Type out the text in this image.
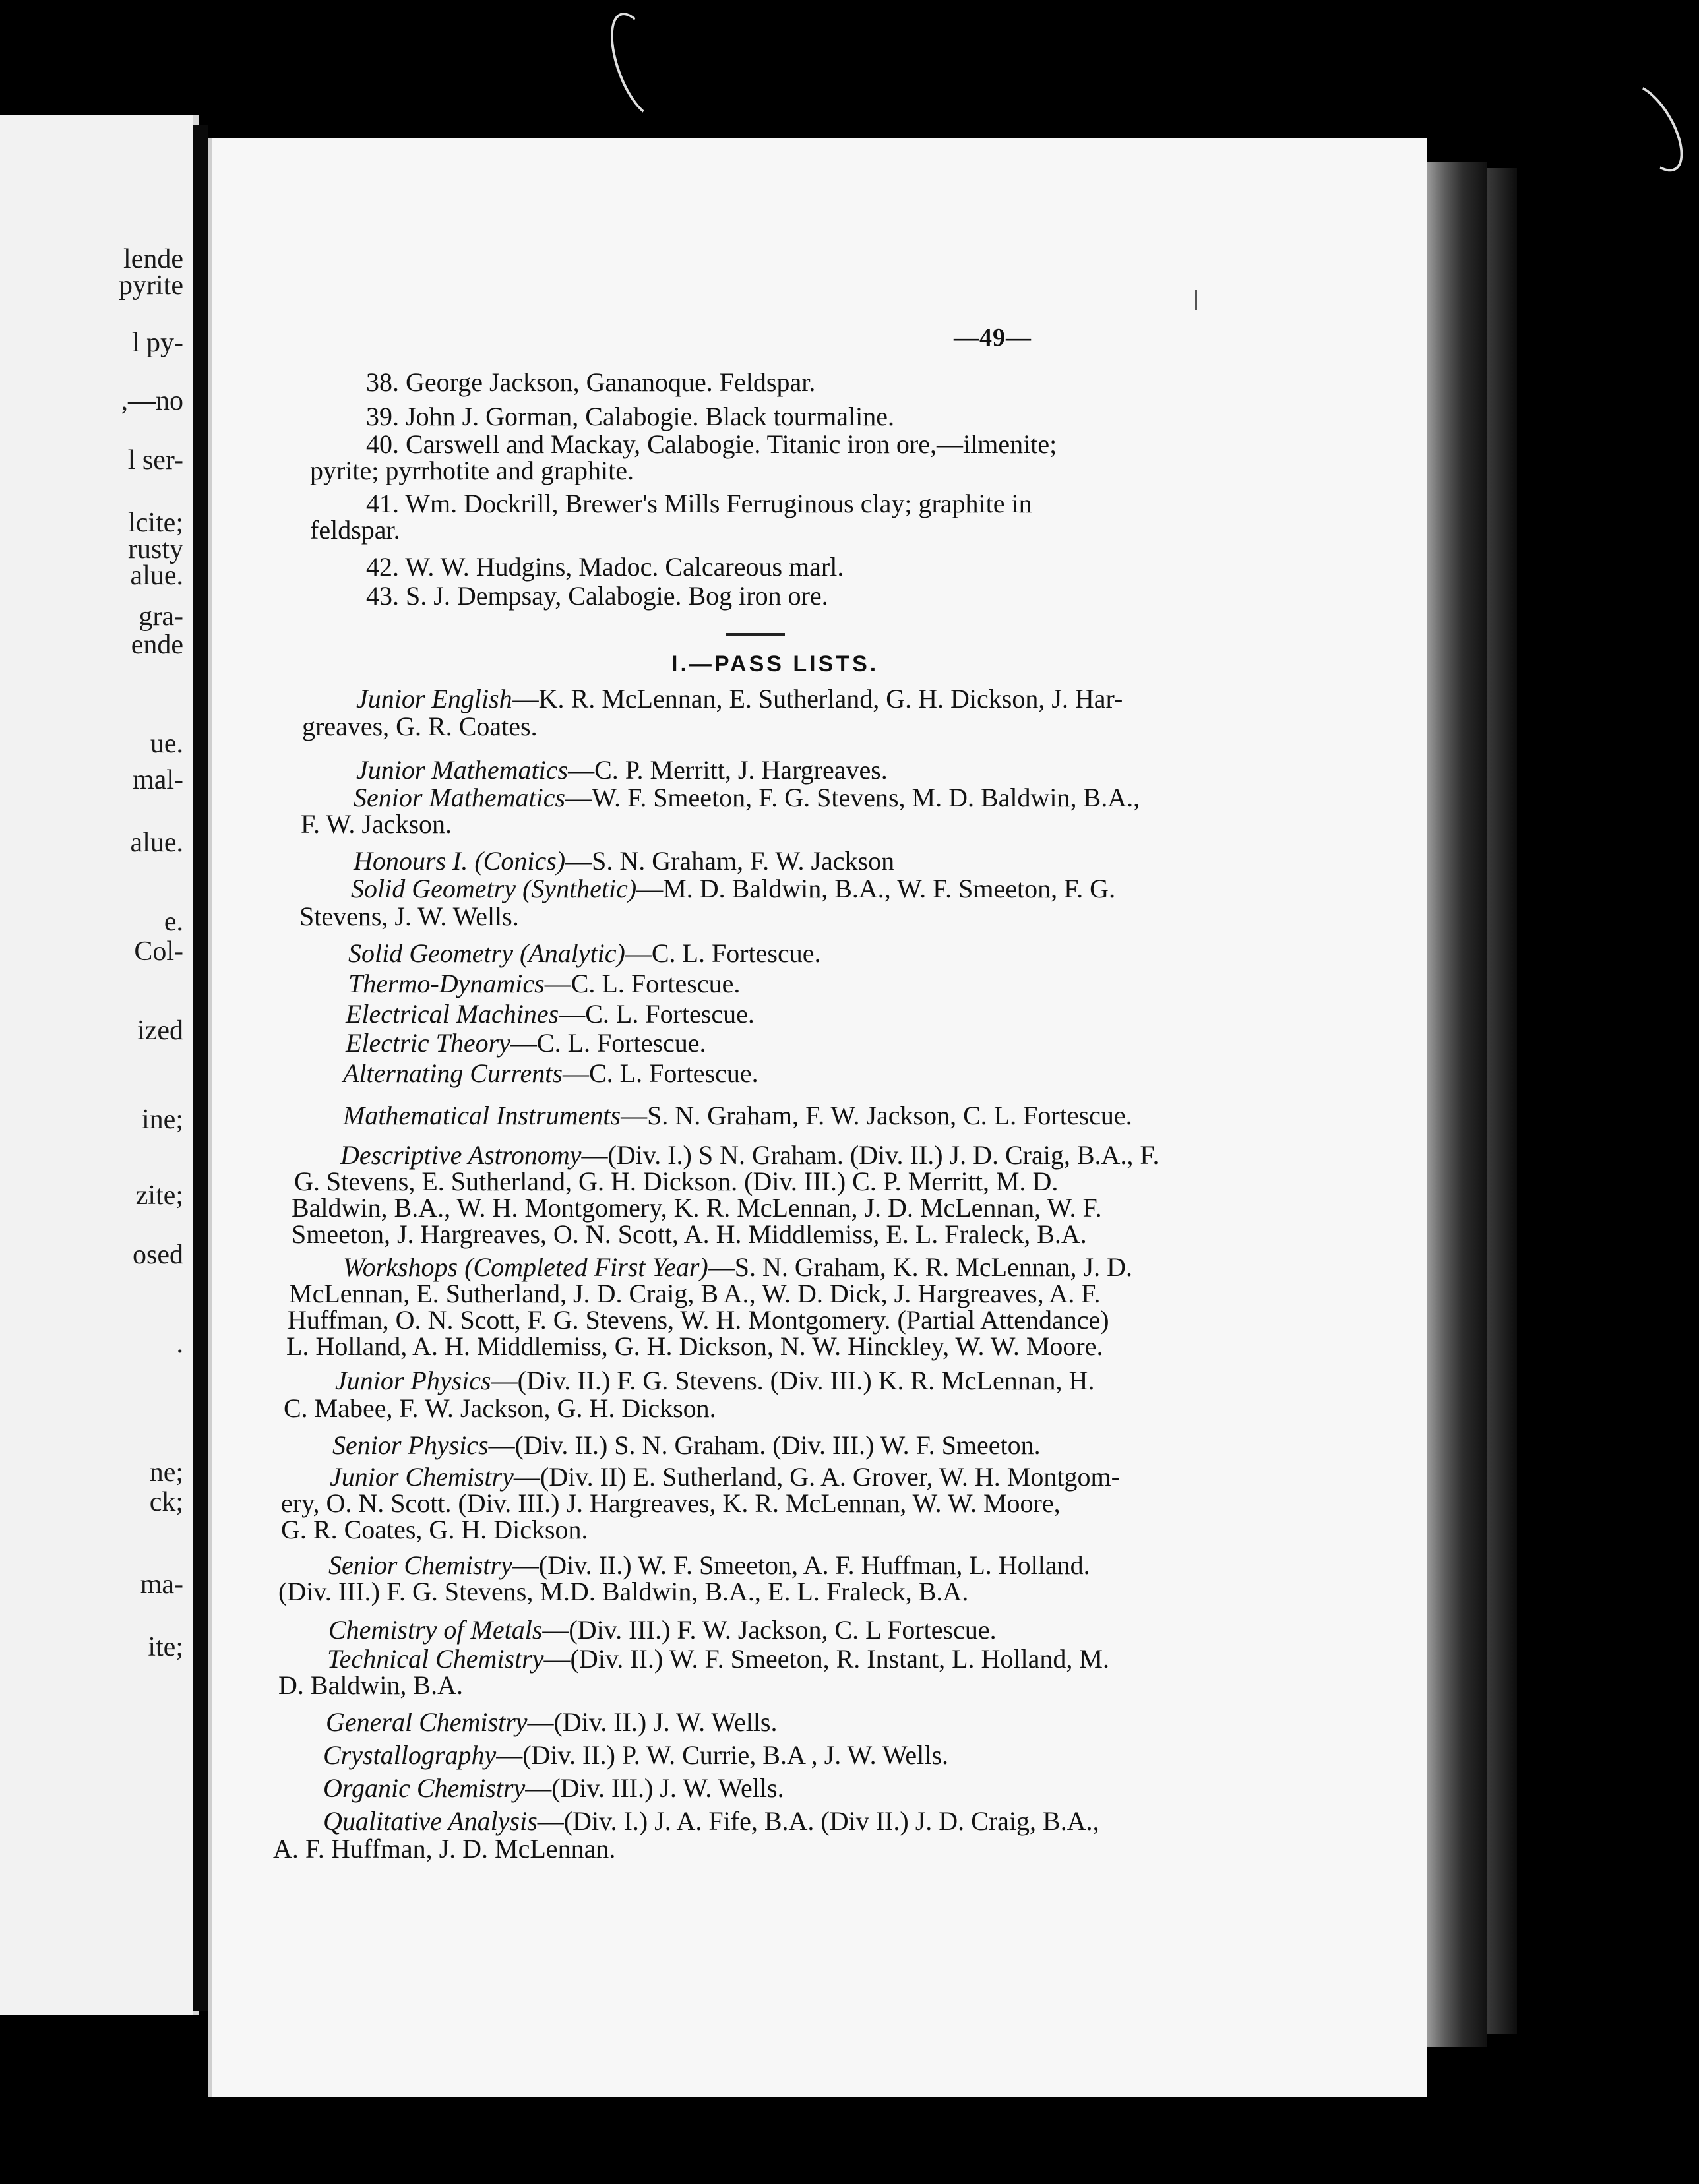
lende
pyrite
l py-
,—no
l ser-
lcite;
rusty
alue.
gra-
ende
ue.
mal-
alue.
e.
Col-
ized
ine;
zite;
osed
.
ne;
ck;
ma-
ite;
—49—
38. George Jackson, Gananoque. Feldspar.
39. John J. Gorman, Calabogie. Black tourmaline.
40. Carswell and Mackay, Calabogie. Titanic iron ore,—ilmenite;
pyrite; pyrrhotite and graphite.
41. Wm. Dockrill, Brewer's Mills Ferruginous clay; graphite in
feldspar.
42. W. W. Hudgins, Madoc. Calcareous marl.
43. S. J. Dempsay, Calabogie. Bog iron ore.
I.—PASS LISTS.
Junior English—K. R. McLennan, E. Sutherland, G. H. Dickson, J. Har-
greaves, G. R. Coates.
Junior Mathematics—C. P. Merritt, J. Hargreaves.
Senior Mathematics—W. F. Smeeton, F. G. Stevens, M. D. Baldwin, B.A.,
F. W. Jackson.
Honours I. (Conics)—S. N. Graham, F. W. Jackson
Solid Geometry (Synthetic)—M. D. Baldwin, B.A., W. F. Smeeton, F. G.
Stevens, J. W. Wells.
Solid Geometry (Analytic)—C. L. Fortescue.
Thermo-Dynamics—C. L. Fortescue.
Electrical Machines—C. L. Fortescue.
Electric Theory—C. L. Fortescue.
Alternating Currents—C. L. Fortescue.
Mathematical Instruments—S. N. Graham, F. W. Jackson, C. L. Fortescue.
Descriptive Astronomy—(Div. I.) S N. Graham. (Div. II.) J. D. Craig, B.A., F.
G. Stevens, E. Sutherland, G. H. Dickson. (Div. III.) C. P. Merritt, M. D.
Baldwin, B.A., W. H. Montgomery, K. R. McLennan, J. D. McLennan, W. F.
Smeeton, J. Hargreaves, O. N. Scott, A. H. Middlemiss, E. L. Fraleck, B.A.
Workshops (Completed First Year)—S. N. Graham, K. R. McLennan, J. D.
McLennan, E. Sutherland, J. D. Craig, B A., W. D. Dick, J. Hargreaves, A. F.
Huffman, O. N. Scott, F. G. Stevens, W. H. Montgomery. (Partial Attendance)
L. Holland, A. H. Middlemiss, G. H. Dickson, N. W. Hinckley, W. W. Moore.
Junior Physics—(Div. II.) F. G. Stevens. (Div. III.) K. R. McLennan, H.
C. Mabee, F. W. Jackson, G. H. Dickson.
Senior Physics—(Div. II.) S. N. Graham. (Div. III.) W. F. Smeeton.
Junior Chemistry—(Div. II) E. Sutherland, G. A. Grover, W. H. Montgom-
ery, O. N. Scott. (Div. III.) J. Hargreaves, K. R. McLennan, W. W. Moore,
G. R. Coates, G. H. Dickson.
Senior Chemistry—(Div. II.) W. F. Smeeton, A. F. Huffman, L. Holland.
(Div. III.) F. G. Stevens, M.D. Baldwin, B.A., E. L. Fraleck, B.A.
Chemistry of Metals—(Div. III.) F. W. Jackson, C. L Fortescue.
Technical Chemistry—(Div. II.) W. F. Smeeton, R. Instant, L. Holland, M.
D. Baldwin, B.A.
General Chemistry—(Div. II.) J. W. Wells.
Crystallography—(Div. II.) P. W. Currie, B.A , J. W. Wells.
Organic Chemistry—(Div. III.) J. W. Wells.
Qualitative Analysis—(Div. I.) J. A. Fife, B.A. (Div II.) J. D. Craig, B.A.,
A. F. Huffman, J. D. McLennan.
